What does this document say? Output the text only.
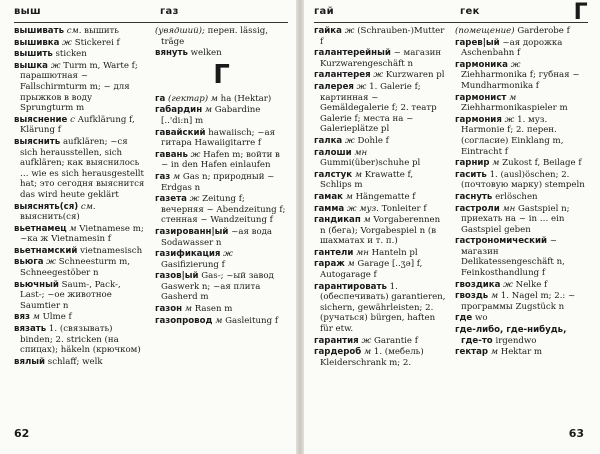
выш	газ
вышивать см. вышить
вышивка ж Stickerei f
вышить sticken
вышка ж Turm m, Warte f; парашютная ~ Fallschirmturm m; ~ для прыжков в воду Sprungturm m
выяснение с Aufklärung f, Klärung f
выяснить aufklären; ~ся sich herausstellen, sich aufklären; как выяснилось … wie es sich herausgestellt hat; это сегодня выяснится das wird heute geklärt
выяснять(ся) см. выяснить(ся)
вьетнамец м Vietnamese m; ~ка ж Vietnamesin f
вьетнамский vietnamesisch
вьюга ж Schneesturm m, Schneegestöber n
вьючный Saum-, Pack-, Last-; ~ое животное Saumtier n
вяз м Ulme f
вязать 1. (связывать) binden; 2. stricken (на спицах); häkeln (крючком)
вялый schlaff; welk
(увядший); перен. lässig, träge
вянуть welken
Г
га (гектар) м ha (Hektar)
габардин м Gabardine [..'di:n] m
гавайский hawaiisch; ~ая гитара Hawaiigitarre f
гавань ж Hafen m; войти в ~ in den Hafen einlaufen
газ м Gas n; природный ~ Erdgas n
газета ж Zeitung f; вечерняя ~ Abendzeitung f; стенная ~ Wandzeitung f
газированн|ый ~ая вода Sodawasser n
газификация ж Gasifizierung f
газов|ый Gas-; ~ый завод Gaswerk n; ~ая плита Gasherd m
газон м Rasen m
газопровод м Gasleitung f
62
гай	гек	Г
гайка ж (Schrauben-)Mutter f
галантерейный ~ магазин Kurzwarengeschäft n
галантерея ж Kurzwaren pl
галерея ж 1. Galerie f; картинная ~ Gemäldegalerie f; 2. театр Galerie f; места на ~ Galerieplätze pl
галка ж Dohle f
галоши мн Gummi(über)schuhe pl
галстук м Krawatte f, Schlips m
гамак м Hängematte f
гамма ж муз. Tonleiter f
гандикап м Vorgaberennen n (бега); Vorgabespiel n (в шахматах и т. п.)
гантели мн Hanteln pl
гараж м Garage [..ʒə] f, Autogarage f
гарантировать 1. (обеспечивать) garantieren, sichern, gewährleisten; 2. (ручаться) bürgen, haften für etw.
гарантия ж Garantie f
гардероб м 1. (мебель) Kleiderschrank m; 2.
(помещение) Garderobe f
гарев|ый ~ая дорожка Aschenbahn f
гармоника ж Ziehharmonika f; губная ~ Mundharmonika f
гармонист м Ziehharmonikaspieler m
гармония ж 1. муз. Harmonie f; 2. перен. (согласие) Einklang m, Eintracht f
гарнир м Zukost f, Beilage f
гасить 1. (ausl)öschen; 2. (почтовую марку) stempeln
гаснуть erlöschen
гастроли мн Gastspiel n; приехать на ~ in … ein Gastspiel geben
гастрономический ~ магазин Delikatessengeschäft n, Feinkosthandlung f
гвоздика ж Nelke f
гвоздь м 1. Nagel m; 2.: ~ программы Zugstück n
где wo
где-либо, где-нибудь, где-то irgendwo
гектар м Hektar m
63
